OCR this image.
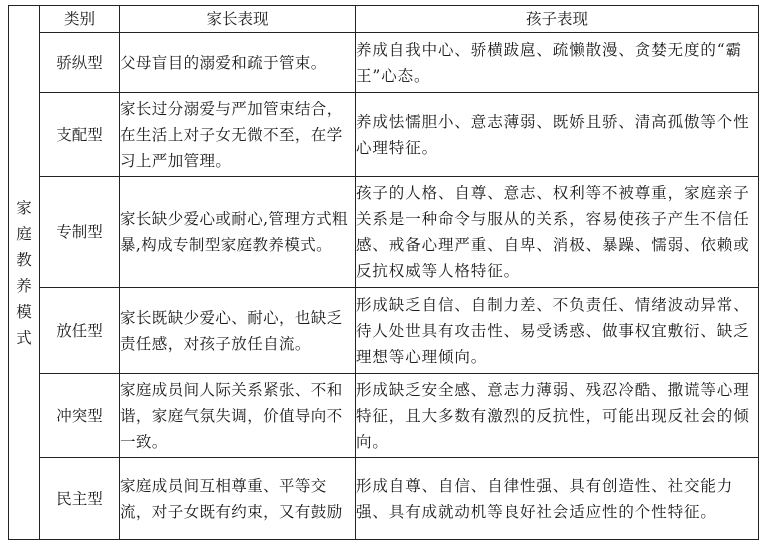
家庭教养模式	类别	家长表现	孩子表现
	骄纵型	父母盲目的溺爱和疏于管束。	养成自我中心、骄横跋扈、疏懒散漫、贪婪无度的“霸王”心态。
	支配型	家长过分溺爱与严加管束结合，在生活上对子女无微不至，在学习上严加管理。	养成怯懦胆小、意志薄弱、既娇且骄、清高孤傲等个性心理特征。
	专制型	家长缺少爱心或耐心,管理方式粗暴,构成专制型家庭教养模式。	孩子的人格、自尊、意志、权利等不被尊重，家庭亲子关系是一种命令与服从的关系，容易使孩子产生不信任感、戒备心理严重、自卑、消极、暴躁、懦弱、依赖或反抗权威等人格特征。
	放任型	家长既缺少爱心、耐心，也缺乏责任感，对孩子放任自流。	形成缺乏自信、自制力差、不负责任、情绪波动异常、待人处世具有攻击性、易受诱惑、做事权宜敷衍、缺乏理想等心理倾向。
	冲突型	家庭成员间人际关系紧张、不和谐，家庭气氛失调，价值导向不一致。	形成缺乏安全感、意志力薄弱、残忍冷酷、撒谎等心理特征，且大多数有激烈的反抗性，可能出现反社会的倾向。
	民主型	家庭成员间互相尊重、平等交流，对子女既有约束，又有鼓励	形成自尊、自信、自律性强、具有创造性、社交能力强、具有成就动机等良好社会适应性的个性特征。
